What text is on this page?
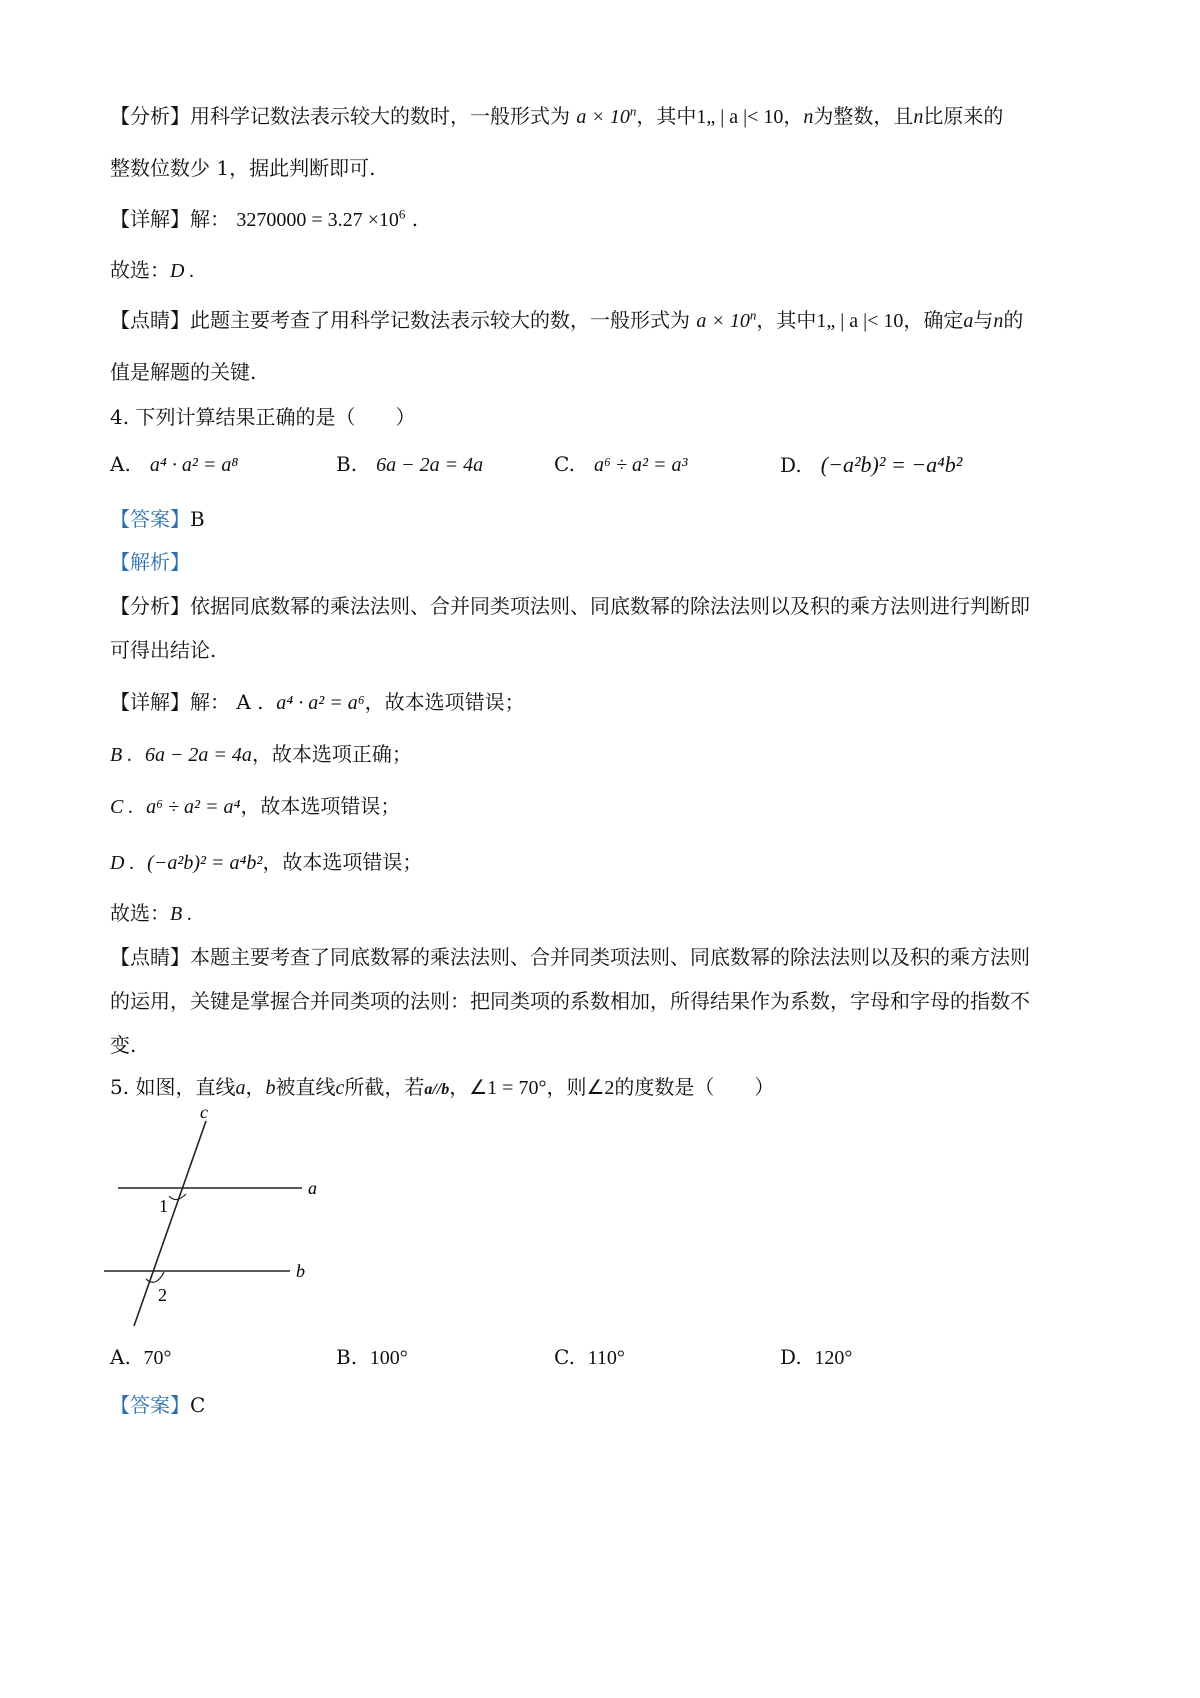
【分析】用科学记数法表示较大的数时，一般形式为 $a \times 10^n$，其中1„ | a |< 10，n为整数，且n比原来的
整数位数少 1，据此判断即可.
【详解】解： $3270000 = 3.27 \times 10^6$ .
故选：D .
【点睛】此题主要考查了用科学记数法表示较大的数，一般形式为 $a \times 10^n$，其中1„ | a |< 10，确定a与n的
值是解题的关键.
4. 下列计算结果正确的是（　　）
A. a⁴ · a² = a⁸	B. 6a − 2a = 4a	C. a⁶ ÷ a² = a³	D. (−a²b)² = −a⁴b²
【答案】B
【解析】
【分析】依据同底数幂的乘法法则、合并同类项法则、同底数幂的除法法则以及积的乘方法则进行判断即
可得出结论.
【详解】解： A . a⁴ · a² = a⁶，故本选项错误；
B . 6a − 2a = 4a，故本选项正确；
C . a⁶ ÷ a² = a⁴，故本选项错误；
D . (−a²b)² = a⁴b²，故本选项错误；
故选：B .
【点睛】本题主要考查了同底数幂的乘法法则、合并同类项法则、同底数幂的除法法则以及积的乘方法则
的运用，关键是掌握合并同类项的法则：把同类项的系数相加，所得结果作为系数，字母和字母的指数不
变.
5. 如图，直线a，b被直线c所截，若a//b，∠1 = 70°，则∠2的度数是（　　）
c
a
b
1
2
A. 70°	B. 100°	C. 110°	D. 120°
【答案】C
